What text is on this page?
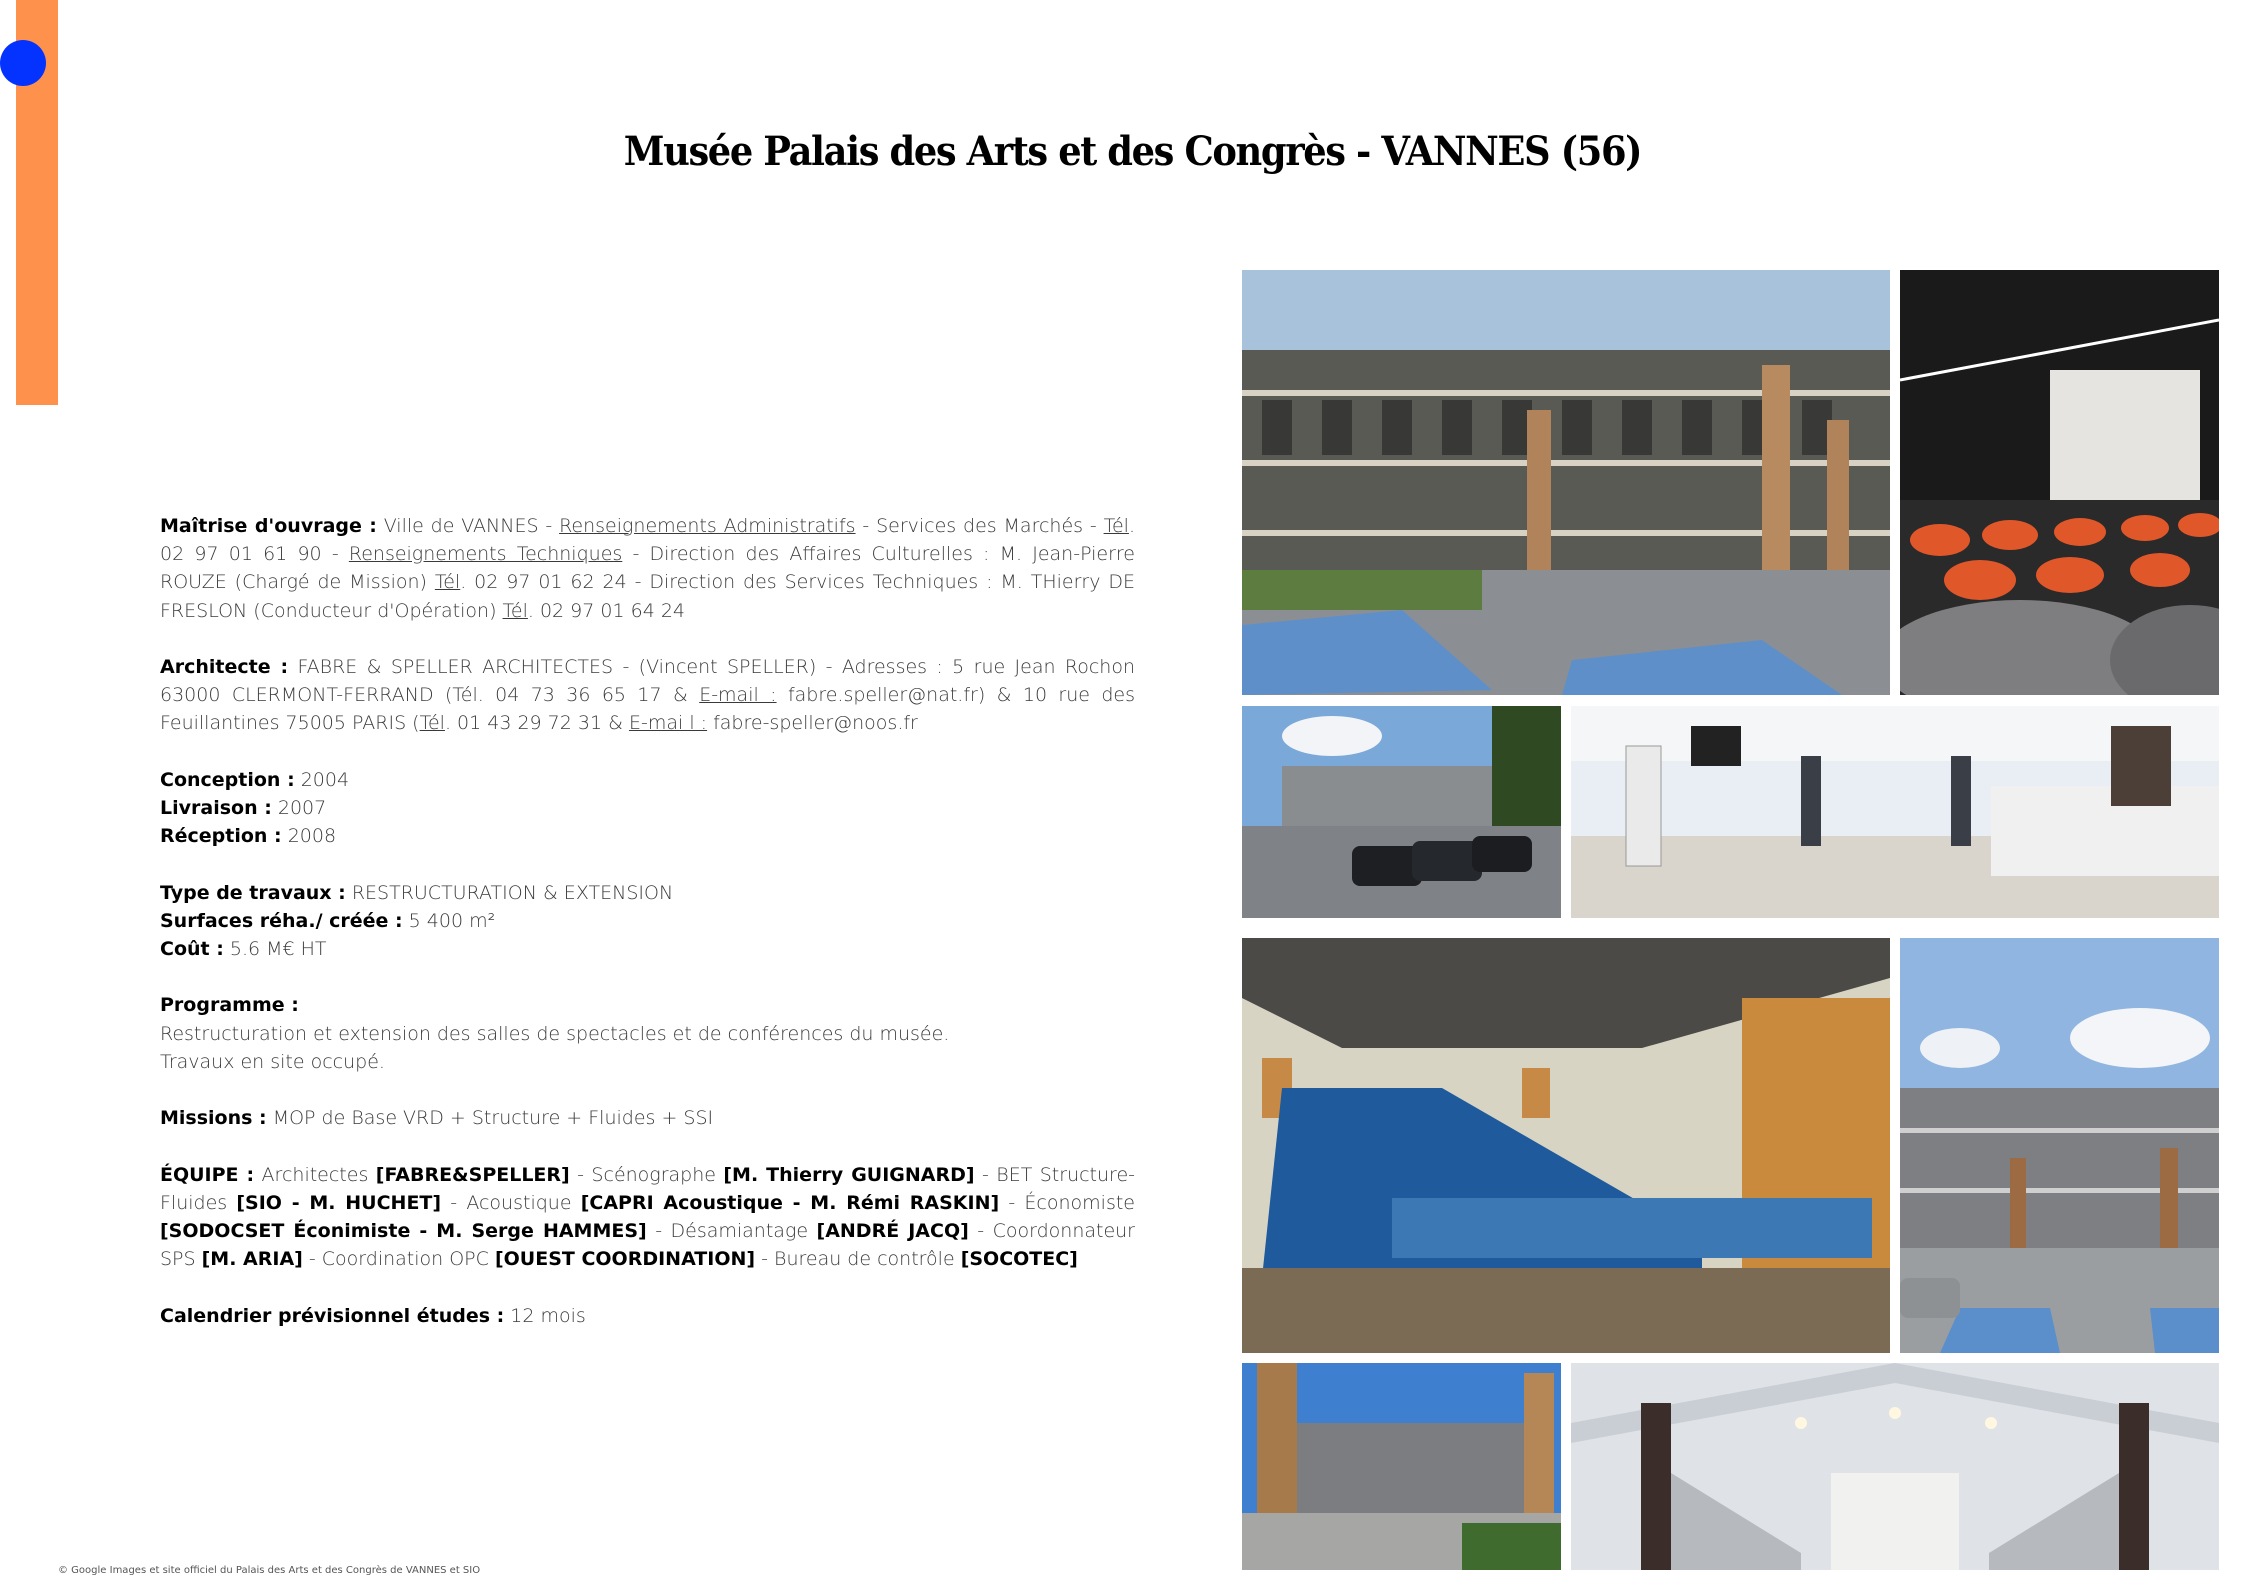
Musée Palais des Arts et des Congrès - VANNES (56)

Maîtrise d'ouvrage : Ville de VANNES - Renseignements Administratifs - Services des Marchés - Tél. 02 97 01 61 90 - Renseignements Techniques - Direction des Affaires Culturelles : M. Jean-Pierre ROUZE (Chargé de Mission) Tél. 02 97 01 62 24 - Direction des Services Techniques : M. THierry DE FRESLON (Conducteur d'Opération) Tél. 02 97 01 64 24

Architecte : FABRE & SPELLER ARCHITECTES - (Vincent SPELLER) - Adresses : 5 rue Jean Rochon 63000 CLERMONT-FERRAND (Tél. 04 73 36 65 17 & E-mail : fabre.speller@nat.fr) & 10 rue des Feuillantines 75005 PARIS (Tél. 01 43 29 72 31 & E-mai l : fabre-speller@noos.fr

Conception : 2004
Livraison : 2007
Réception : 2008

Type de travaux : RESTRUCTURATION & EXTENSION
Surfaces réha./ créée : 5 400 m²
Coût : 5.6 M€ HT

Programme :
Restructuration et extension des salles de spectacles et de conférences du musée.
Travaux en site occupé.

Missions : MOP de Base VRD + Structure + Fluides + SSI

ÉQUIPE : Architectes [FABRE&SPELLER] - Scénographe [M. Thierry GUIGNARD] - BET Structure-Fluides [SIO - M. HUCHET] - Acoustique [CAPRI Acoustique - M. Rémi RASKIN] - Économiste [SODOCSET Éconimiste - M. Serge HAMMES] - Désamiantage [ANDRÉ JACQ] - Coordonnateur SPS [M. ARIA] - Coordination OPC [OUEST COORDINATION] - Bureau de contrôle [SOCOTEC]

Calendrier prévisionnel études : 12 mois

© Google Images et site officiel du Palais des Arts et des Congrès de VANNES et SIO
